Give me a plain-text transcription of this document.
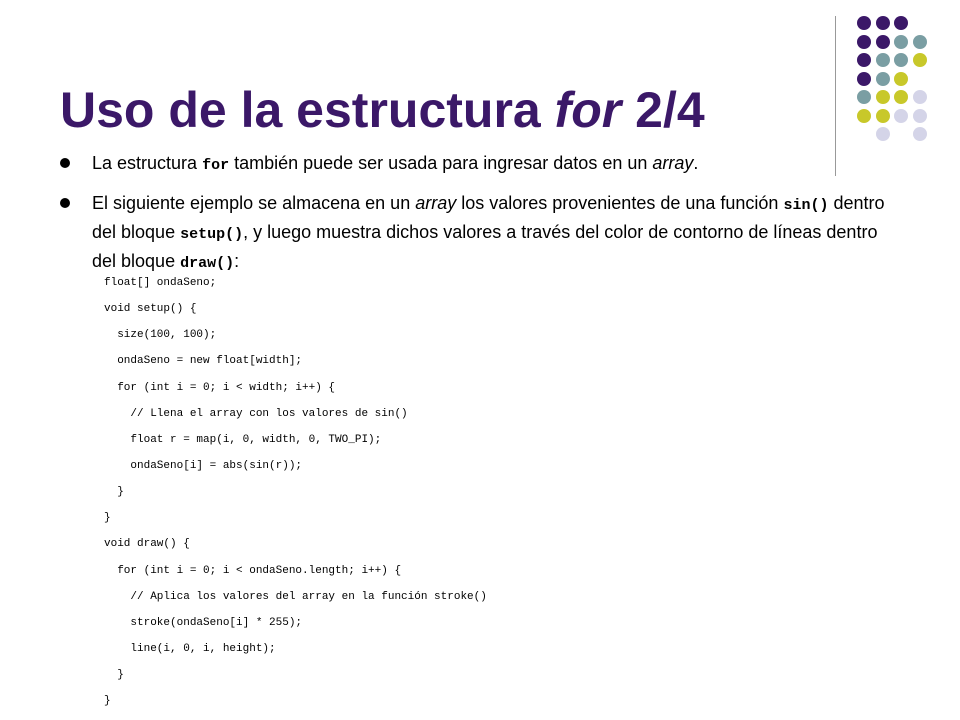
Uso de la estructura for 2/4
La estructura for también puede ser usada para ingresar datos en un array.
El siguiente ejemplo se almacena en un array los valores provenientes de una función sin() dentro del bloque setup(), y luego muestra dichos valores a través del color de contorno de líneas dentro del bloque draw():
float[] ondaSeno;
void setup() {
size(100, 100);
ondaSeno = new float[width];
for (int i = 0; i < width; i++) {
// Llena el array con los valores de sin()
float r = map(i, 0, width, 0, TWO_PI);
ondaSeno[i] = abs(sin(r));
}
}
void draw() {
for (int i = 0; i < ondaSeno.length; i++) {
// Aplica los valores del array en la función stroke()
stroke(ondaSeno[i] * 255);
line(i, 0, i, height);
}
}
